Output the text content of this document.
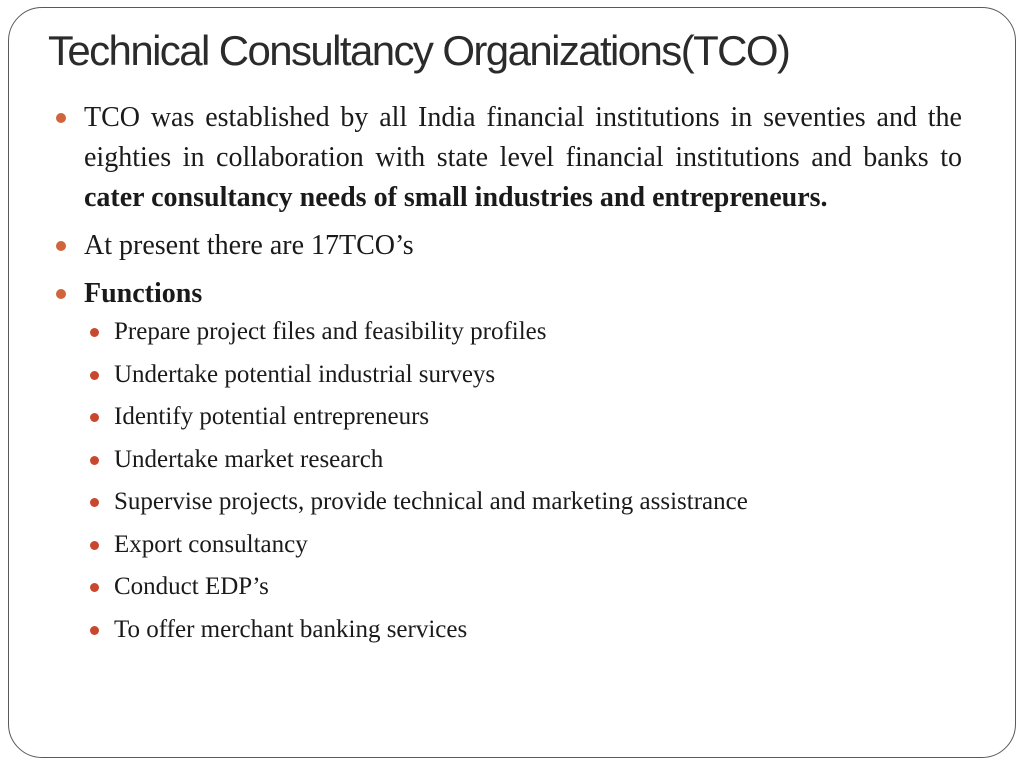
Technical Consultancy Organizations(TCO)
TCO was established by all India financial institutions in seventies and the eighties in collaboration with state level financial institutions and banks to cater consultancy needs of small industries and entrepreneurs.
At present there are 17TCO’s
Functions
Prepare project files and feasibility profiles
Undertake potential industrial surveys
Identify potential entrepreneurs
Undertake market research
Supervise projects, provide technical and marketing assistrance
Export consultancy
Conduct EDP’s
To offer merchant banking services
